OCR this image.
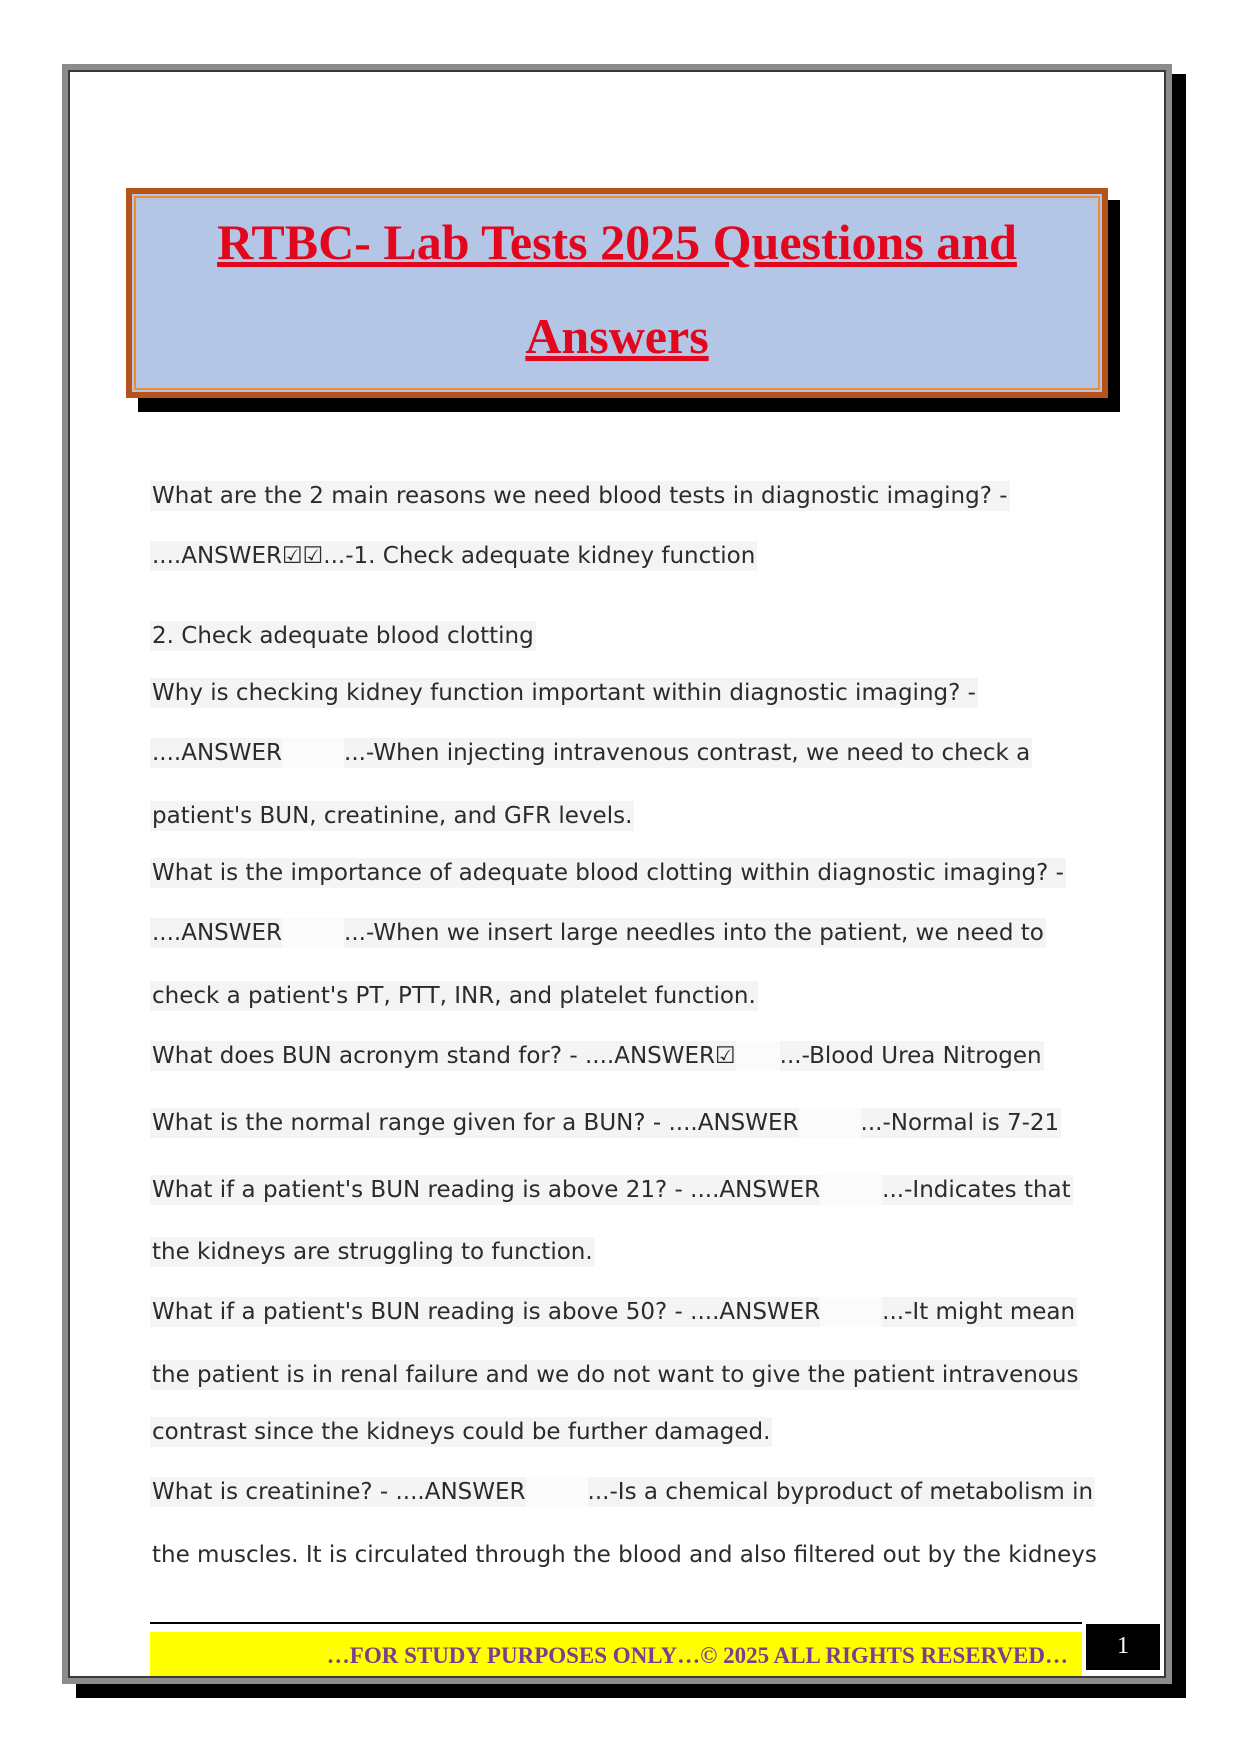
RTBC- Lab Tests 2025 Questions and

Answers

What are the 2 main reasons we need blood tests in diagnostic imaging? -
....ANSWER☑☑...-1. Check adequate kidney function
2. Check adequate blood clotting
Why is checking kidney function important within diagnostic imaging? -
....ANSWER	...-When injecting intravenous contrast, we need to check a
patient's BUN, creatinine, and GFR levels.
What is the importance of adequate blood clotting within diagnostic imaging? -
....ANSWER	...-When we insert large needles into the patient, we need to
check a patient's PT, PTT, INR, and platelet function.
What does BUN acronym stand for? - ....ANSWER☑ ...-Blood Urea Nitrogen
What is the normal range given for a BUN? - ....ANSWER	...-Normal is 7-21
What if a patient's BUN reading is above 21? - ....ANSWER	...-Indicates that
the kidneys are struggling to function.
What if a patient's BUN reading is above 50? - ....ANSWER	...-It might mean
the patient is in renal failure and we do not want to give the patient intravenous
contrast since the kidneys could be further damaged.
What is creatinine? - ....ANSWER	...-Is a chemical byproduct of metabolism in
the muscles. It is circulated through the blood and also filtered out by the kidneys
…FOR STUDY PURPOSES ONLY…© 2025 ALL RIGHTS RESERVED…	1
